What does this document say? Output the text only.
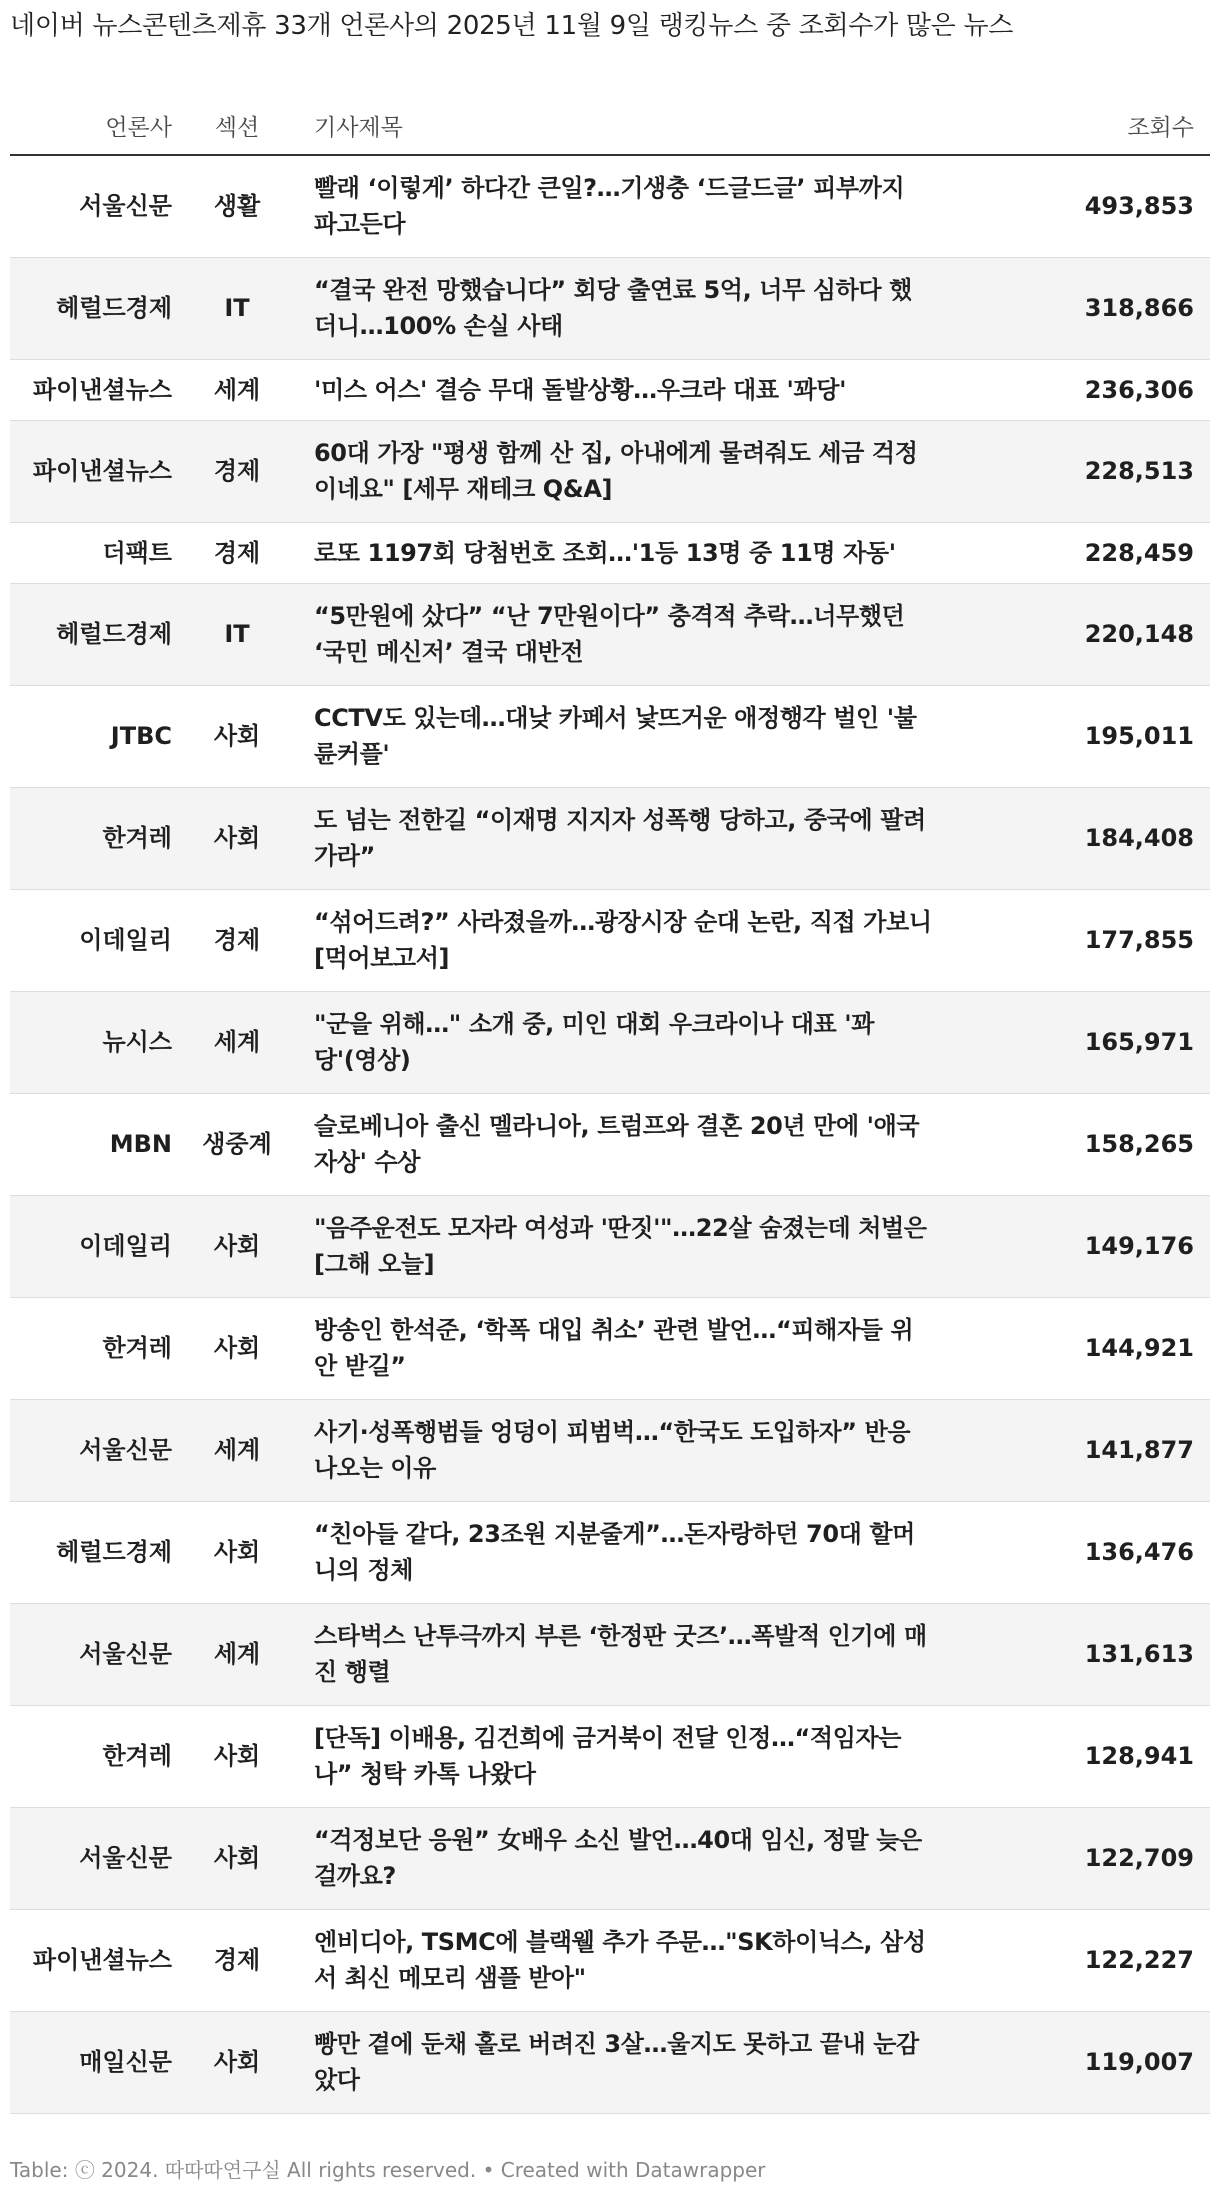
네이버 뉴스콘텐츠제휴 33개 언론사의 2025년 11월 9일 랭킹뉴스 중 조회수가 많은 뉴스
언론사	섹션	기사제목	조회수
서울신문	생활	빨래 ‘이렇게’ 하다간 큰일?…기생충 ‘드글드글’ 피부까지 파고든다	493,853
헤럴드경제	IT	“결국 완전 망했습니다” 회당 출연료 5억, 너무 심하다 했더니…100% 손실 사태	318,866
파이낸셜뉴스	세계	'미스 어스' 결승 무대 돌발상황…우크라 대표 '꽈당'	236,306
파이낸셜뉴스	경제	60대 가장 "평생 함께 산 집, 아내에게 물려줘도 세금 걱정이네요" [세무 재테크 Q&A]	228,513
더팩트	경제	로또 1197회 당첨번호 조회…'1등 13명 중 11명 자동'	228,459
헤럴드경제	IT	“5만원에 샀다” “난 7만원이다” 충격적 추락…너무했던 ‘국민 메신저’ 결국 대반전	220,148
JTBC	사회	CCTV도 있는데…대낮 카페서 낯뜨거운 애정행각 벌인 '불륜커플'	195,011
한겨레	사회	도 넘는 전한길 “이재명 지지자 성폭행 당하고, 중국에 팔려가라”	184,408
이데일리	경제	“섞어드려?” 사라졌을까…광장시장 순대 논란, 직접 가보니[먹어보고서]	177,855
뉴시스	세계	"군을 위해…" 소개 중, 미인 대회 우크라이나 대표 '꽈당'(영상)	165,971
MBN	생중계	슬로베니아 출신 멜라니아, 트럼프와 결혼 20년 만에 '애국자상' 수상	158,265
이데일리	사회	"음주운전도 모자라 여성과 '딴짓'"…22살 숨졌는데 처벌은 [그해 오늘]	149,176
한겨레	사회	방송인 한석준, ‘학폭 대입 취소’ 관련 발언…“피해자들 위안 받길”	144,921
서울신문	세계	사기·성폭행범들 엉덩이 피범벅…“한국도 도입하자” 반응 나오는 이유	141,877
헤럴드경제	사회	“친아들 같다, 23조원 지분줄게”…돈자랑하던 70대 할머니의 정체	136,476
서울신문	세계	스타벅스 난투극까지 부른 ‘한정판 굿즈’…폭발적 인기에 매진 행렬	131,613
한겨레	사회	[단독] 이배용, 김건희에 금거북이 전달 인정…“적임자는 나” 청탁 카톡 나왔다	128,941
서울신문	사회	“걱정보단 응원” 女배우 소신 발언…40대 임신, 정말 늦은 걸까요?	122,709
파이낸셜뉴스	경제	엔비디아, TSMC에 블랙웰 추가 주문…"SK하이닉스, 삼성서 최신 메모리 샘플 받아"	122,227
매일신문	사회	빵만 곁에 둔채 홀로 버려진 3살…울지도 못하고 끝내 눈감았다	119,007
Table: ⓒ 2024. 따따따연구실 All rights reserved. • Created with Datawrapper
